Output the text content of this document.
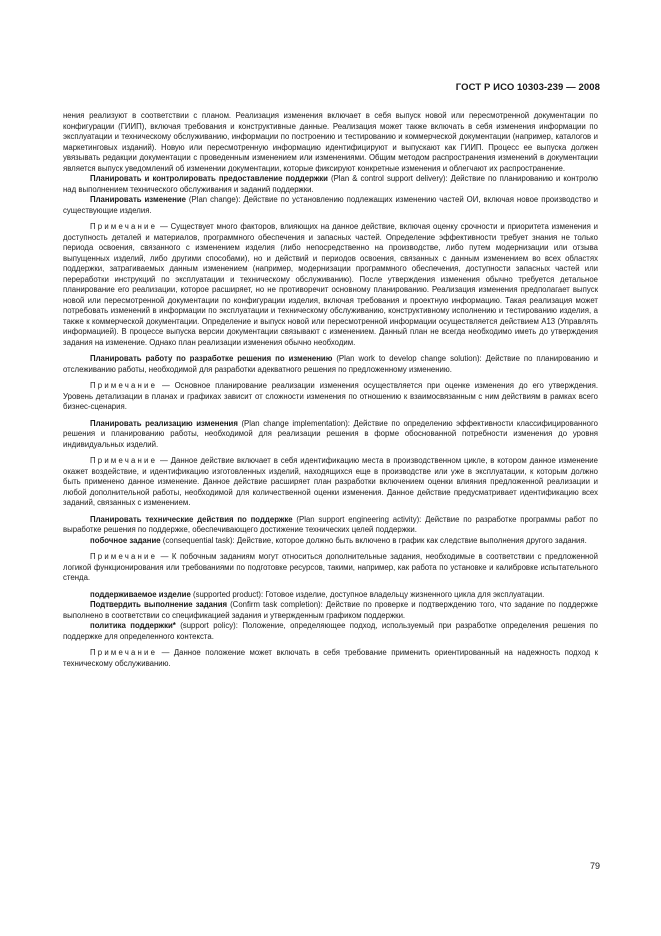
ГОСТ Р ИСО 10303-239 — 2008

нения реализуют в соответствии с планом. Реализация изменения включает в себя выпуск новой или пересмотренной документации по конфигурации (ГИИП), включая требования и конструктивные данные. Реализация может также включать в себя изменения информации по эксплуатации и техническому обслуживанию, информации по построению и тестированию и коммерческой документации (например, каталогов и маркетинговых изданий). Новую или пересмотренную информацию идентифицируют и выпускают как ГИИП. Процесс ее выпуска должен увязывать редакции документации с проведенным изменением или изменениями. Общим методом распространения изменений в документации является выпуск уведомлений об изменении документации, которые фиксируют конкретные изменения и облегчают их распространение.

Планировать и контролировать предоставление поддержки (Plan & control support delivery): Действие по планированию и контролю над выполнением технического обслуживания и заданий поддержки.

Планировать изменение (Plan change): Действие по установлению подлежащих изменению частей ОИ, включая новое производство и существующие изделия.

Примечание — Существует много факторов, влияющих на данное действие, включая оценку срочности и приоритета изменения и доступность деталей и материалов, программного обеспечения и запасных частей. Определение эффективности требует знания не только периода освоения, связанного с изменением изделия (либо непосредственно на производстве, либо путем модернизации или отзыва выпущенных изделий, либо другими способами), но и действий и периодов освоения, связанных с данным изменением во всех областях поддержки, затрагиваемых данным изменением (например, модернизации программного обеспечения, доступности запасных частей или переработки инструкций по эксплуатации и техническому обслуживанию). После утверждения изменения обычно требуется детальное планирование его реализации, которое расширяет, но не противоречит основному планированию. Реализация изменения предполагает выпуск новой или пересмотренной документации по конфигурации изделия, включая требования и проектную информацию. Такая реализация может потребовать изменений в информации по эксплуатации и техническому обслуживанию, конструктивному исполнению и тестированию изделия, а также к коммерческой документации. Определение и выпуск новой или пересмотренной информации осуществляется действием А13 (Управлять информацией). В процессе выпуска версии документации связывают с изменением. Данный план не всегда необходимо иметь до утверждения задания на изменение. Однако план реализации изменения обычно необходим.

Планировать работу по разработке решения по изменению (Plan work to develop change solution): Действие по планированию и отслеживанию работы, необходимой для разработки адекватного решения по предложенному изменению.

Примечание — Основное планирование реализации изменения осуществляется при оценке изменения до его утверждения. Уровень детализации в планах и графиках зависит от сложности изменения по отношению к взаимосвязанным с ним действиям в рамках всего бизнес-сценария.

Планировать реализацию изменения (Plan change implementation): Действие по определению эффективности классифицированного решения и планированию работы, необходимой для реализации решения в форме обоснованной потребности изменения до уровня индивидуальных изделий.

Примечание — Данное действие включает в себя идентификацию места в производственном цикле, в котором данное изменение окажет воздействие, и идентификацию изготовленных изделий, находящихся еще в производстве или уже в эксплуатации, к которым должно быть применено данное изменение. Данное действие расширяет план разработки включением оценки влияния предложенной реализации и любой дополнительной работы, необходимой для количественной оценки изменения. Данное действие предусматривает идентификацию всех заданий, связанных с изменением.

Планировать технические действия по поддержке (Plan support engineering activity): Действие по разработке программы работ по выработке решения по поддержке, обеспечивающего достижение технических целей поддержки.

побочное задание (consequential task): Действие, которое должно быть включено в график как следствие выполнения другого задания.

Примечание — К побочным заданиям могут относиться дополнительные задания, необходимые в соответствии с предложенной логикой функционирования или требованиями по подготовке ресурсов, такими, например, как работа по установке и калибровке испытательного стенда.

поддерживаемое изделие (supported product): Готовое изделие, доступное владельцу жизненного цикла для эксплуатации.

Подтвердить выполнение задания (Confirm task completion): Действие по проверке и подтверждению того, что задание по поддержке выполнено в соответствии со спецификацией задания и утвержденным графиком поддержки.

политика поддержки* (support policy): Положение, определяющее подход, используемый при разработке определения решения по поддержке для определенного контекста.

Примечание — Данное положение может включать в себя требование применить ориентированный на надежность подход к техническому обслуживанию.

79
